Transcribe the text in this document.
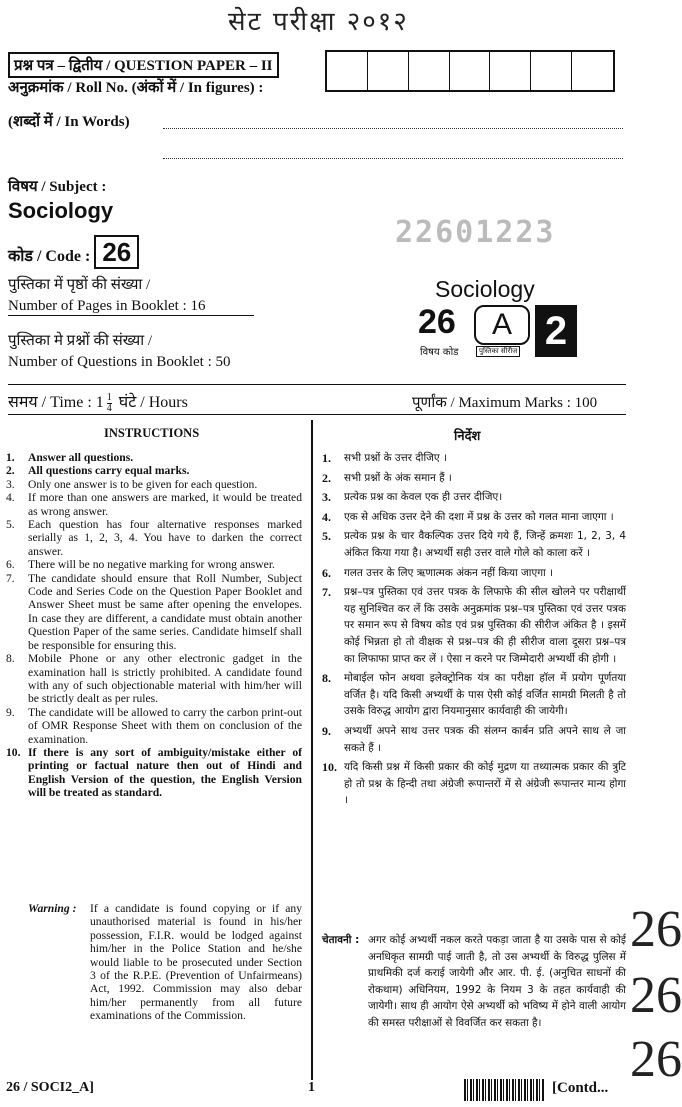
सेट परीक्षा २०१२
प्रश्न पत्र – द्वितीय / QUESTION PAPER – II
अनुक्रमांक / Roll No. (अंकों में / In figures) :
(शब्दों में / In Words)
विषय / Subject :
Sociology
कोड / Code : 26
22601223
पुस्तिका में पृष्ठों की संख्या /
Number of Pages in Booklet : 16
पुस्तिका मे प्रश्नों की संख्या /
Number of Questions in Booklet : 50
Sociology
26	A 2
विषय कोड	पुस्तिका सीरीज
समय / Time : $1 \frac{1}{4}$ घंटे / Hours	पूर्णांक / Maximum Marks : 100
INSTRUCTIONS
1. Answer all questions.
2. All questions carry equal marks.
3. Only one answer is to be given for each question.
4. If more than one answers are marked, it would be treated as wrong answer.
5. Each question has four alternative responses marked serially as 1, 2, 3, 4. You have to darken the correct answer.
6. There will be no negative marking for wrong answer.
7. The candidate should ensure that Roll Number, Subject Code and Series Code on the Question Paper Booklet and Answer Sheet must be same after opening the envelopes. In case they are different, a candidate must obtain another Question Paper of the same series. Candidate himself shall be responsible for ensuring this.
8. Mobile Phone or any other electronic gadget in the examination hall is strictly prohibited. A candidate found with any of such objectionable material with him/her will be strictly dealt as per rules.
9. The candidate will be allowed to carry the carbon print-out of OMR Response Sheet with them on conclusion of the examination.
10. If there is any sort of ambiguity/mistake either of printing or factual nature then out of Hindi and English Version of the question, the English Version will be treated as standard.
Warning :	If a candidate is found copying or if any unauthorised material is found in his/her possession, F.I.R. would be lodged against him/her in the Police Station and he/she would liable to be prosecuted under Section 3 of the R.P.E. (Prevention of Unfairmeans) Act, 1992. Commission may also debar him/her permanently from all future examinations of the Commission.
निर्देश
1. सभी प्रश्नों के उत्तर दीजिए ।
2. सभी प्रश्नों के अंक समान हैं ।
3. प्रत्येक प्रश्न का केवल एक ही उत्तर दीजिए।
4. एक से अधिक उत्तर देने की दशा में प्रश्न के उत्तर को गलत माना जाएगा ।
5. प्रत्येक प्रश्न के चार वैकल्पिक उत्तर दिये गये हैं, जिन्हें क्रमशः 1, 2, 3, 4 अंकित किया गया है। अभ्यर्थी सही उत्तर वाले गोले को काला करें ।
6. गलत उत्तर के लिए ऋणात्मक अंकन नहीं किया जाएगा ।
7. प्रश्न–पत्र पुस्तिका एवं उत्तर पत्रक के लिफाफे की सील खोलने पर परीक्षार्थी यह सुनिश्चित कर लें कि उसके अनुक्रमांक प्रश्न–पत्र पुस्तिका एवं उत्तर पत्रक पर समान रूप से विषय कोड एवं प्रश्न पुस्तिका की सीरीज अंकित है । इसमें कोई भिन्नता हो तो वीक्षक से प्रश्न–पत्र की ही सीरीज वाला दूसरा प्रश्न–पत्र का लिफाफा प्राप्त कर लें । ऐसा न करने पर जिम्मेदारी अभ्यर्थी की होगी ।
8. मोबाईल फोन अथवा इलेक्ट्रोनिक यंत्र का परीक्षा हॉल में प्रयोग पूर्णतया वर्जित है। यदि किसी अभ्यर्थी के पास ऐसी कोई वर्जित सामग्री मिलती है तो उसके विरुद्ध आयोग द्वारा नियमानुसार कार्यवाही की जायेगी।
9. अभ्यर्थी अपने साथ उत्तर पत्रक की संलग्न कार्बन प्रति अपने साथ ले जा सकते हैं ।
10. यदि किसी प्रश्न में किसी प्रकार की कोई मुद्रण या तथ्यात्मक प्रकार की त्रुटि हो तो प्रश्न के हिन्दी तथा अंग्रेजी रूपान्तरों में से अंग्रेजी रूपान्तर मान्य होगा ।
चेतावनी : अगर कोई अभ्यर्थी नकल करते पकड़ा जाता है या उसके पास से कोई अनधिकृत सामग्री पाई जाती है, तो उस अभ्यर्थी के विरुद्ध पुलिस में प्राथमिकी दर्ज कराई जायेगी और आर. पी. ई. (अनुचित साधनों की रोकथाम) अधिनियम, 1992 के नियम 3 के तहत कार्यवाही की जायेगी। साथ ही आयोग ऐसे अभ्यर्थी को भविष्य में होने वाली आयोग की समस्त परीक्षाओं से विवर्जित कर सकता है।
26
26
26
26 / SOCI2_A]	1	[Contd...
